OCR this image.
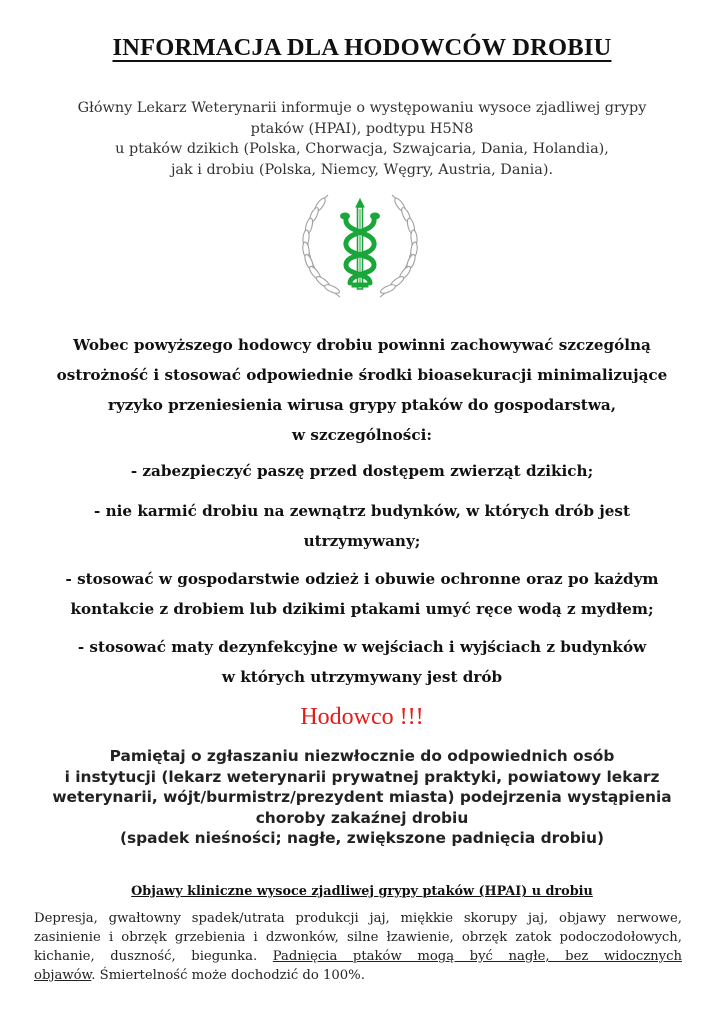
INFORMACJA DLA HODOWCÓW DROBIU
Główny Lekarz Weterynarii informuje o występowaniu wysoce zjadliwej grypy
ptaków (HPAI), podtypu H5N8
u ptaków dzikich (Polska, Chorwacja, Szwajcaria, Dania, Holandia),
jak i drobiu (Polska, Niemcy, Węgry, Austria, Dania).
Wobec powyższego hodowcy drobiu powinni zachowywać szczególną
ostrożność i stosować odpowiednie środki bioasekuracji minimalizujące
ryzyko przeniesienia wirusa grypy ptaków do gospodarstwa,
w szczególności:
- zabezpieczyć paszę przed dostępem zwierząt dzikich;
- nie karmić drobiu na zewnątrz budynków, w których drób jest
utrzymywany;
- stosować w gospodarstwie odzież i obuwie ochronne oraz po każdym
kontakcie z drobiem lub dzikimi ptakami umyć ręce wodą z mydłem;
- stosować maty dezynfekcyjne w wejściach i wyjściach z budynków
w których utrzymywany jest drób
Hodowco !!!
Pamiętaj o zgłaszaniu niezwłocznie do odpowiednich osób
i instytucji (lekarz weterynarii prywatnej praktyki, powiatowy lekarz
weterynarii, wójt/burmistrz/prezydent miasta) podejrzenia wystąpienia
choroby zakaźnej drobiu
(spadek nieśności; nagłe, zwiększone padnięcia drobiu)
Objawy kliniczne wysoce zjadliwej grypy ptaków (HPAI) u drobiu
Depresja, gwałtowny spadek/utrata produkcji jaj, miękkie skorupy jaj, objawy nerwowe,
zasinienie i obrzęk grzebienia i dzwonków, silne łzawienie, obrzęk zatok podoczodołowych,
kichanie, duszność, biegunka. Padnięcia ptaków mogą być nagłe, bez widocznych
objawów. Śmiertelność może dochodzić do 100%.
